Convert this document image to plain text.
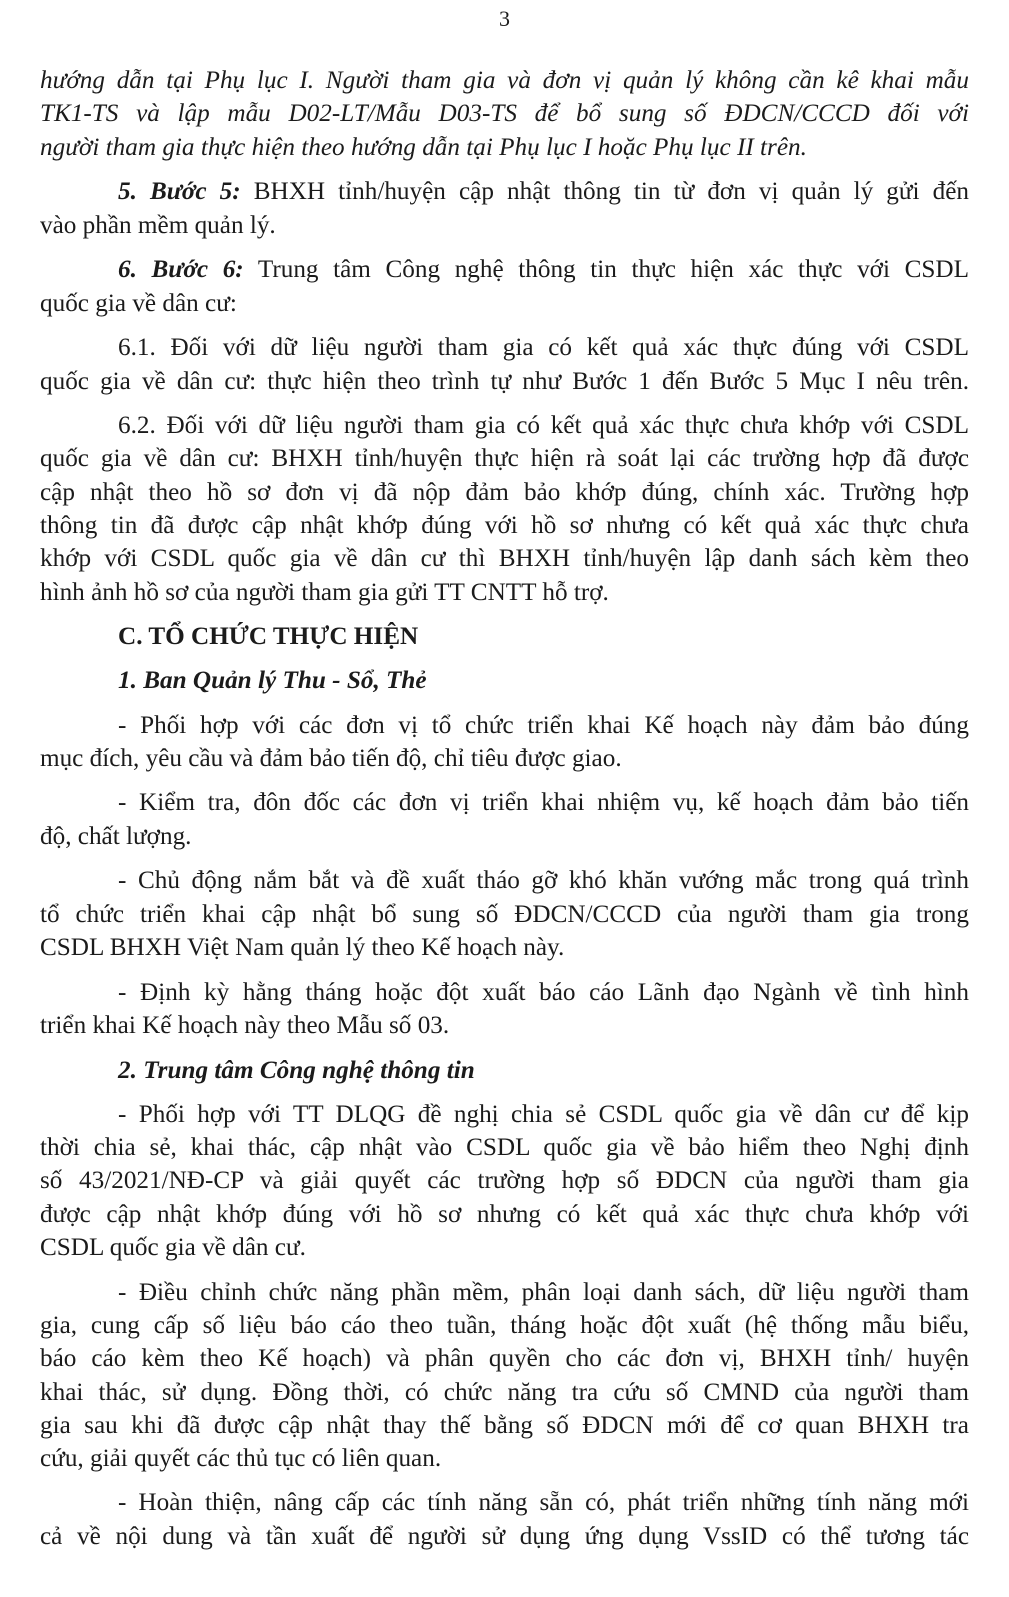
3
hướng dẫn tại Phụ lục I. Người tham gia và đơn vị quản lý không cần kê khai mẫu
TK1-TS và lập mẫu D02-LT/Mẫu D03-TS để bổ sung số ĐDCN/CCCD đối với
người tham gia thực hiện theo hướng dẫn tại Phụ lục I hoặc Phụ lục II trên.
5. Bước 5: BHXH tỉnh/huyện cập nhật thông tin từ đơn vị quản lý gửi đến
vào phần mềm quản lý.
6. Bước 6: Trung tâm Công nghệ thông tin thực hiện xác thực với CSDL
quốc gia về dân cư:
6.1. Đối với dữ liệu người tham gia có kết quả xác thực đúng với CSDL
quốc gia về dân cư: thực hiện theo trình tự như Bước 1 đến Bước 5 Mục I nêu trên.
6.2. Đối với dữ liệu người tham gia có kết quả xác thực chưa khớp với CSDL
quốc gia về dân cư: BHXH tỉnh/huyện thực hiện rà soát lại các trường hợp đã được
cập nhật theo hồ sơ đơn vị đã nộp đảm bảo khớp đúng, chính xác. Trường hợp
thông tin đã được cập nhật khớp đúng với hồ sơ nhưng có kết quả xác thực chưa
khớp với CSDL quốc gia về dân cư thì BHXH tỉnh/huyện lập danh sách kèm theo
hình ảnh hồ sơ của người tham gia gửi TT CNTT hỗ trợ.
C. TỔ CHỨC THỰC HIỆN
1. Ban Quản lý Thu - Sổ, Thẻ
- Phối hợp với các đơn vị tổ chức triển khai Kế hoạch này đảm bảo đúng
mục đích, yêu cầu và đảm bảo tiến độ, chỉ tiêu được giao.
- Kiểm tra, đôn đốc các đơn vị triển khai nhiệm vụ, kế hoạch đảm bảo tiến
độ, chất lượng.
- Chủ động nắm bắt và đề xuất tháo gỡ khó khăn vướng mắc trong quá trình
tổ chức triển khai cập nhật bổ sung số ĐDCN/CCCD của người tham gia trong
CSDL BHXH Việt Nam quản lý theo Kế hoạch này.
- Định kỳ hằng tháng hoặc đột xuất báo cáo Lãnh đạo Ngành về tình hình
triển khai Kế hoạch này theo Mẫu số 03.
2. Trung tâm Công nghệ thông tin
- Phối hợp với TT DLQG đề nghị chia sẻ CSDL quốc gia về dân cư để kịp
thời chia sẻ, khai thác, cập nhật vào CSDL quốc gia về bảo hiểm theo Nghị định
số 43/2021/NĐ-CP và giải quyết các trường hợp số ĐDCN của người tham gia
được cập nhật khớp đúng với hồ sơ nhưng có kết quả xác thực chưa khớp với
CSDL quốc gia về dân cư.
- Điều chỉnh chức năng phần mềm, phân loại danh sách, dữ liệu người tham
gia, cung cấp số liệu báo cáo theo tuần, tháng hoặc đột xuất (hệ thống mẫu biểu,
báo cáo kèm theo Kế hoạch) và phân quyền cho các đơn vị, BHXH tỉnh/ huyện
khai thác, sử dụng. Đồng thời, có chức năng tra cứu số CMND của người tham
gia sau khi đã được cập nhật thay thế bằng số ĐDCN mới để cơ quan BHXH tra
cứu, giải quyết các thủ tục có liên quan.
- Hoàn thiện, nâng cấp các tính năng sẵn có, phát triển những tính năng mới
cả về nội dung và tần xuất để người sử dụng ứng dụng VssID có thể tương tác
